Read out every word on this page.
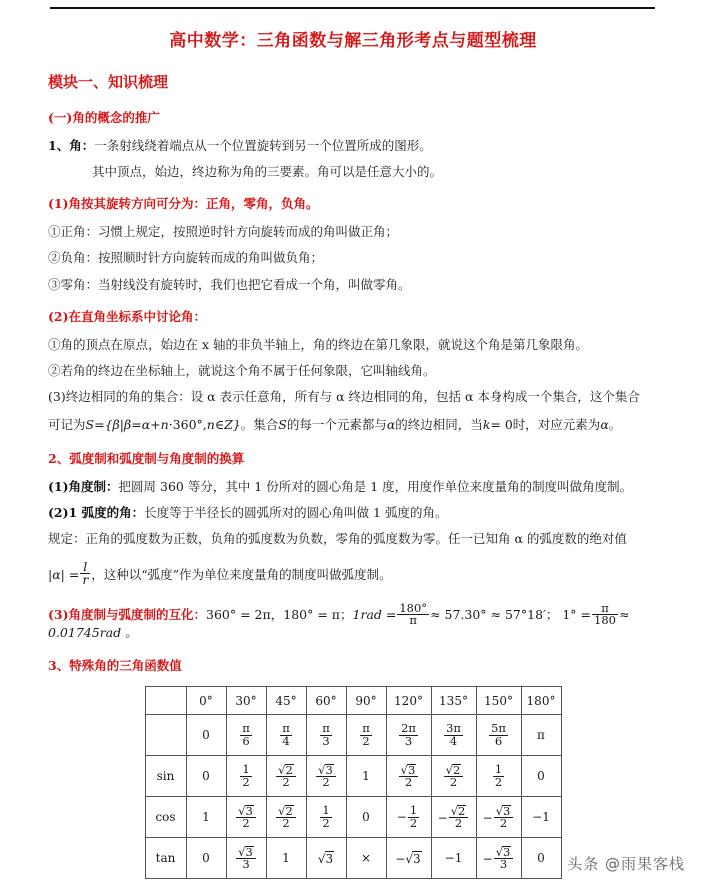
高中数学：三角函数与解三角形考点与题型梳理
模块一、知识梳理
(一)角的概念的推广

1、角：一条射线绕着端点从一个位置旋转到另一个位置所成的图形。

其中顶点，始边，终边称为角的三要素。角可以是任意大小的。

(1)角按其旋转方向可分为：正角，零角，负角。

①正角：习惯上规定，按照逆时针方向旋转而成的角叫做正角；

②负角：按照顺时针方向旋转而成的角叫做负角；

③零角：当射线没有旋转时，我们也把它看成一个角，叫做零角。

(2)在直角坐标系中讨论角：

①角的顶点在原点，始边在 x 轴的非负半轴上，角的终边在第几象限，就说这个角是第几象限角。

②若角的终边在坐标轴上，就说这个角不属于任何象限，它叫轴线角。

(3)终边相同的角的集合：设 α 表示任意角，所有与 α 终边相同的角，包括 α 本身构成一个集合，这个集合

可记为S={β|β=α+n·360°,n∈Z}。集合S的每一个元素都与α的终边相同，当k= 0时，对应元素为α。

2、弧度制和弧度制与角度制的换算

(1)角度制：把圆周 360 等分，其中 1 份所对的圆心角是 1 度，用度作单位来度量角的制度叫做角度制。

(2)1 弧度的角：长度等于半径长的圆弧所对的圆心角叫做 1 弧度的角。

规定：正角的弧度数为正数，负角的弧度数为负数，零角的弧度数为零。任一已知角 α 的弧度数的绝对值

$|\alpha| = \frac{l}{r}$ ，这种以“弧度”作为单位来度量角的制度叫做弧度制。

(3)角度制与弧度制的互化：360° = 2π，180° = π；$1rad = \frac{180^\circ}{\pi} \approx 57.30^\circ \approx 57^\circ 18'$； $1^\circ = \frac{\pi}{180} \approx 0.01745rad$ 。

3、特殊角的三角函数值
	0°	30°	45°	60°	90°	120°	135°	150°	180°
	0	$\frac{\pi}{6}$	$\frac{\pi}{4}$	$\frac{\pi}{3}$	$\frac{\pi}{2}$	$\frac{2\pi}{3}$	$\frac{3\pi}{4}$	$\frac{5\pi}{6}$	π
sin	0	$\frac{1}{2}$	$\frac{√2}{2}$	$\frac{√3}{2}$	1	$\frac{√3}{2}$	$\frac{√2}{2}$	$\frac{1}{2}$	0
cos	1	$\frac{√3}{2}$	$\frac{√2}{2}$	$\frac{1}{2}$	0	− $\frac{1}{2}$	− $\frac{√2}{2}$	− $\frac{√3}{2}$	−1
tan	0	$\frac{√3}{3}$	1	√3	×	−√3	−1	− $\frac{√3}{3}$	0 头条 @雨果客栈
